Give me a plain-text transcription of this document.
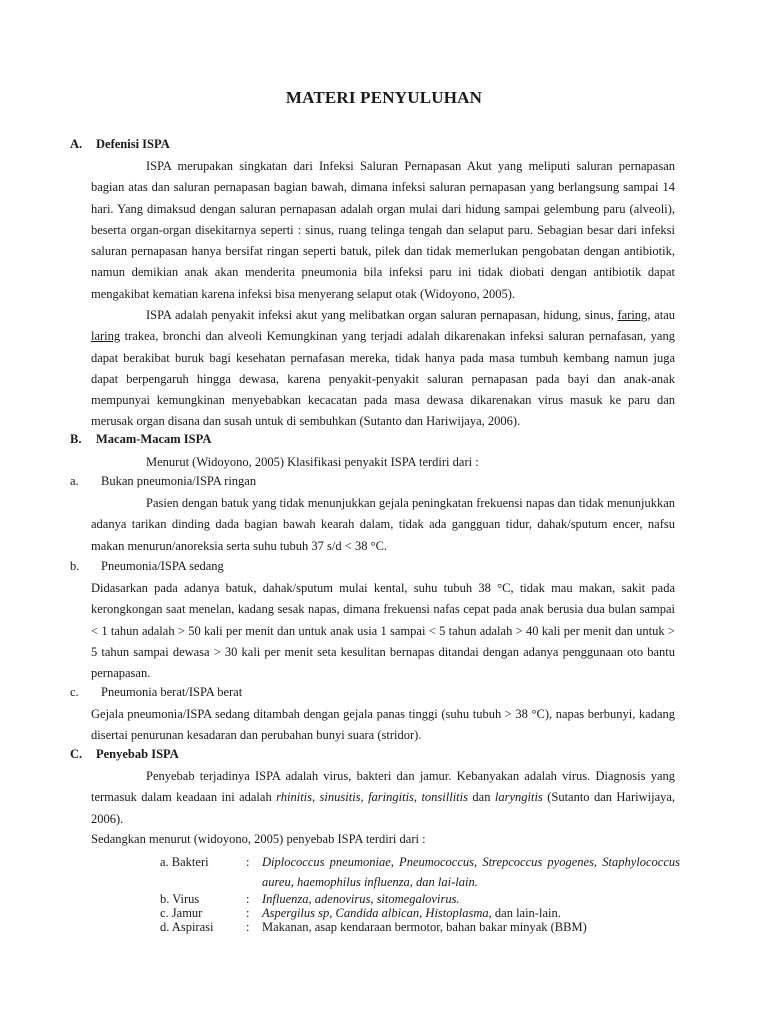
MATERI PENYULUHAN
A. Defenisi ISPA

ISPA merupakan singkatan dari Infeksi Saluran Pernapasan Akut yang meliputi saluran pernapasan bagian atas dan saluran pernapasan bagian bawah, dimana infeksi saluran pernapasan yang berlangsung sampai 14 hari. Yang dimaksud dengan saluran pernapasan adalah organ mulai dari hidung sampai gelembung paru (alveoli), beserta organ-organ disekitarnya seperti : sinus, ruang telinga tengah dan selaput paru. Sebagian besar dari infeksi saluran pernapasan hanya bersifat ringan seperti batuk, pilek dan tidak memerlukan pengobatan dengan antibiotik, namun demikian anak akan menderita pneumonia bila infeksi paru ini tidak diobati dengan antibiotik dapat mengakibat kematian karena infeksi bisa menyerang selaput otak (Widoyono, 2005).

ISPA adalah penyakit infeksi akut yang melibatkan organ saluran pernapasan, hidung, sinus, faring, atau laring trakea, bronchi dan alveoli Kemungkinan yang terjadi adalah dikarenakan infeksi saluran pernafasan, yang dapat berakibat buruk bagi kesehatan pernafasan mereka, tidak hanya pada masa tumbuh kembang namun juga dapat berpengaruh hingga dewasa, karena penyakit-penyakit saluran pernapasan pada bayi dan anak-anak mempunyai kemungkinan menyebabkan kecacatan pada masa dewasa dikarenakan virus masuk ke paru dan merusak organ disana dan susah untuk di sembuhkan (Sutanto dan Hariwijaya, 2006).

B. Macam-Macam ISPA

Menurut (Widoyono, 2005) Klasifikasi penyakit ISPA terdiri dari :

a. Bukan pneumonia/ISPA ringan

Pasien dengan batuk yang tidak menunjukkan gejala peningkatan frekuensi napas dan tidak menunjukkan adanya tarikan dinding dada bagian bawah kearah dalam, tidak ada gangguan tidur, dahak/sputum encer, nafsu makan menurun/anoreksia serta suhu tubuh 37 s/d < 38 °C.

b. Pneumonia/ISPA sedang

Didasarkan pada adanya batuk, dahak/sputum mulai kental, suhu tubuh 38 °C, tidak mau makan, sakit pada kerongkongan saat menelan, kadang sesak napas, dimana frekuensi nafas cepat pada anak berusia dua bulan sampai < 1 tahun adalah > 50 kali per menit dan untuk anak usia 1 sampai < 5 tahun adalah > 40 kali per menit dan untuk > 5 tahun sampai dewasa > 30 kali per menit seta kesulitan bernapas ditandai dengan adanya penggunaan oto bantu pernapasan.

c. Pneumonia berat/ISPA berat

Gejala pneumonia/ISPA sedang ditambah dengan gejala panas tinggi (suhu tubuh > 38 °C), napas berbunyi, kadang disertai penurunan kesadaran dan perubahan bunyi suara (stridor).

C. Penyebab ISPA

Penyebab terjadinya ISPA adalah virus, bakteri dan jamur. Kebanyakan adalah virus. Diagnosis yang termasuk dalam keadaan ini adalah rhinitis, sinusitis, faringitis, tonsillitis dan laryngitis (Sutanto dan Hariwijaya, 2006).

Sedangkan menurut (widoyono, 2005) penyebab ISPA terdiri dari :

a. Bakteri	:	Diplococcus pneumoniae, Pneumococcus, Strepcoccus pyogenes, Staphylococcus aureu, haemophilus influenza, dan lai-lain.
b. Virus	:	Influenza, adenovirus, sitomegalovirus.
c. Jamur	:	Aspergilus sp, Candida albican, Histoplasma, dan lain-lain.
d. Aspirasi	:	Makanan, asap kendaraan bermotor, bahan bakar minyak (BBM)
